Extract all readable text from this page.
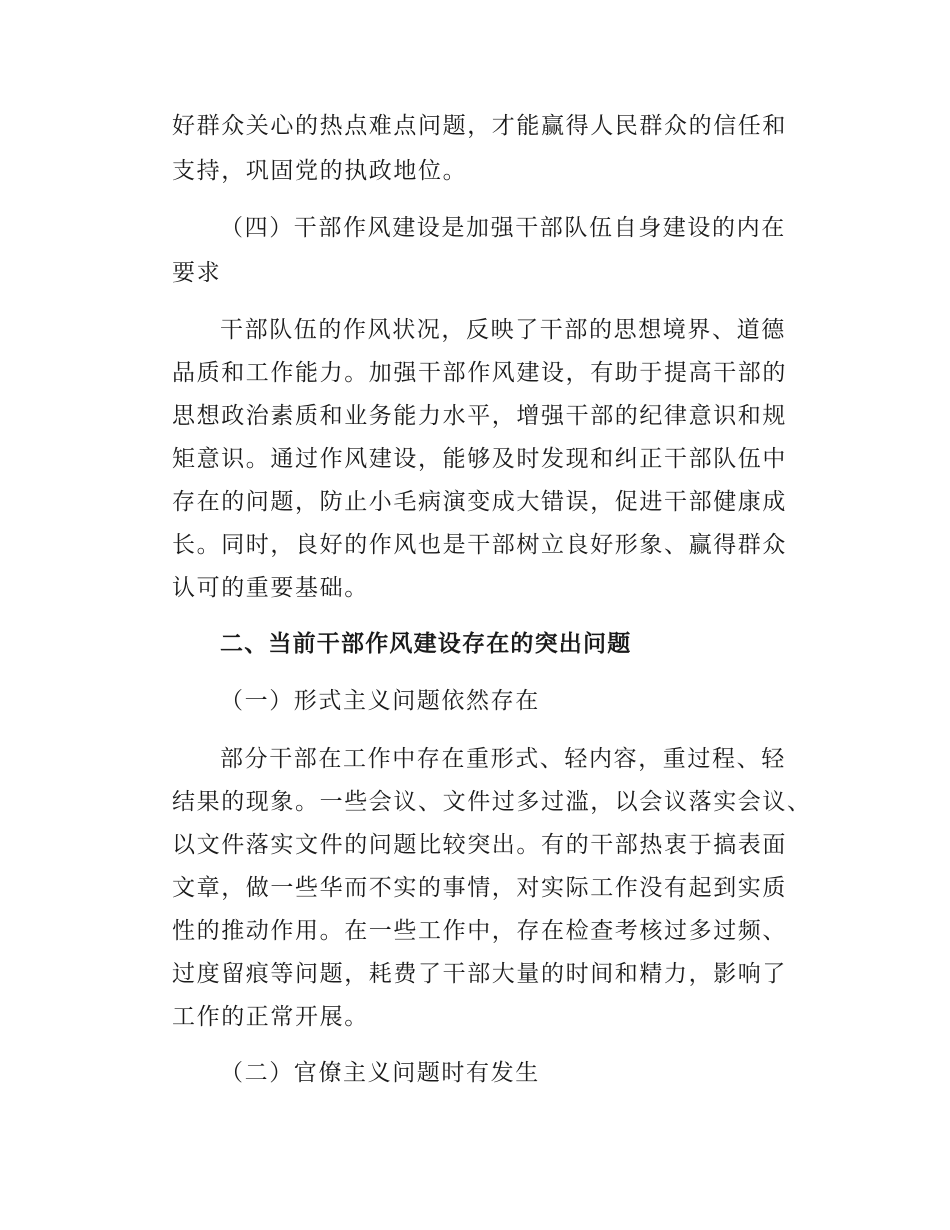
好群众关心的热点难点问题，才能赢得人民群众的信任和
支持，巩固党的执政地位。
（四）干部作风建设是加强干部队伍自身建设的内在
要求
干部队伍的作风状况，反映了干部的思想境界、道德
品质和工作能力。加强干部作风建设，有助于提高干部的
思想政治素质和业务能力水平，增强干部的纪律意识和规
矩意识。通过作风建设，能够及时发现和纠正干部队伍中
存在的问题，防止小毛病演变成大错误，促进干部健康成
长。同时，良好的作风也是干部树立良好形象、赢得群众
认可的重要基础。
二、当前干部作风建设存在的突出问题
（一）形式主义问题依然存在
部分干部在工作中存在重形式、轻内容，重过程、轻
结果的现象。一些会议、文件过多过滥，以会议落实会议、
以文件落实文件的问题比较突出。有的干部热衷于搞表面
文章，做一些华而不实的事情，对实际工作没有起到实质
性的推动作用。在一些工作中，存在检查考核过多过频、
过度留痕等问题，耗费了干部大量的时间和精力，影响了
工作的正常开展。
（二）官僚主义问题时有发生
